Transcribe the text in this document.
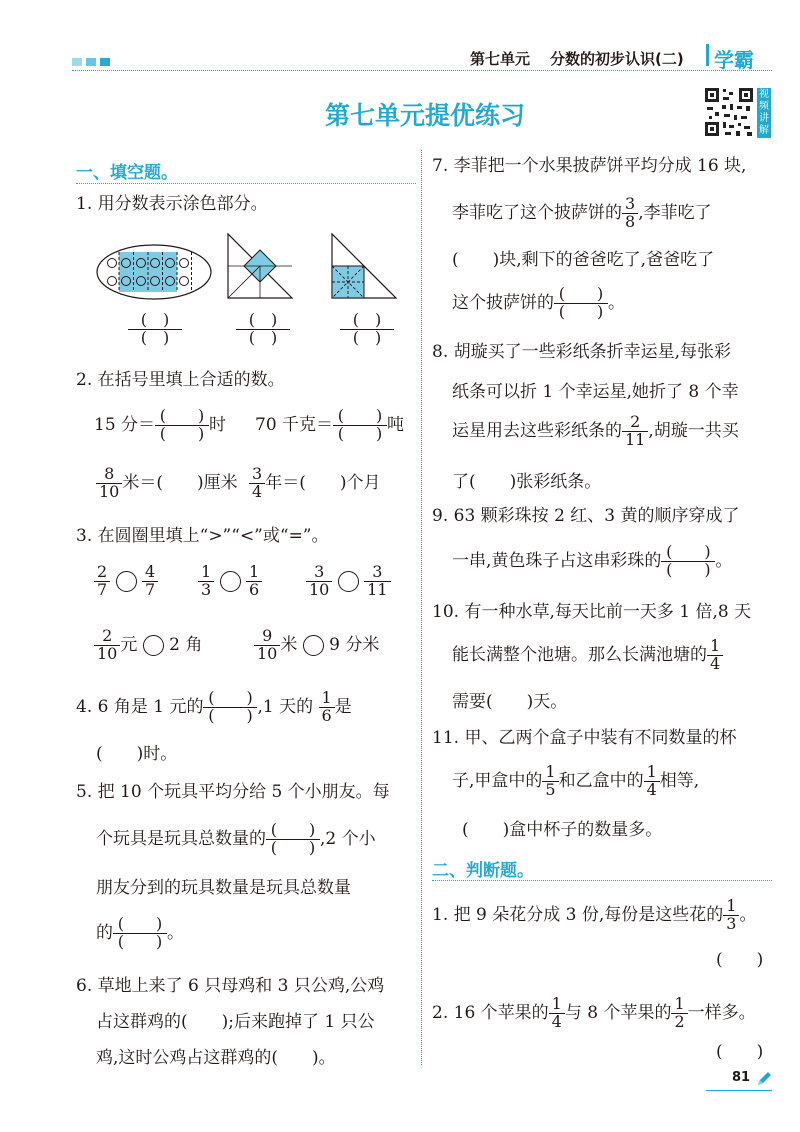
第七单元 分数的初步认识(二) 学霸
第七单元提优练习
视
频
讲
解
一、填空题。
1. 用分数表示涂色部分。
(　)
(　)
(　)
(　)
(　)
(　)
2. 在括号里填上合适的数。
15 分＝ $\frac{( )}{( )}$ 时 70 千克＝ $\frac{( )}{( )}$ 吨
$\frac{8}{10}$ 米＝(　　)厘米 $\frac{3}{4}$ 年＝(　　)个月
3. 在圆圈里填上“>”“<”或“=”。
$\frac{2}{7}$
$\frac{4}{7} \frac{1}{3}$
$\frac{1}{6}$	$\frac{3}{10}$
$\frac{3}{11}$
$\frac{2}{10}$ 元 2 角	$\frac{9}{10}$ 米 9 分米
4. 6 角是 1 元的 $\frac{( )}{( )} ,1$ 天的 $\frac{1}{6}$ 是
(　　)时。
5. 把 10 个玩具平均分给 5 个小朋友。每
个玩具是玩具总数量的 $\frac{( )}{( )} ,2$ 个小
朋友分到的玩具数量是玩具总数量
的 $\frac{( )}{( )}$ 。
6. 草地上来了 6 只母鸡和 3 只公鸡,公鸡
占这群鸡的(　　);后来跑掉了 1 只公
鸡,这时公鸡占这群鸡的(　　)。
7. 李菲把一个水果披萨饼平均分成 16 块,
李菲吃了这个披萨饼的 $\frac{3}{8}$ ,李菲吃了
(　　)块,剩下的爸爸吃了,爸爸吃了
这个披萨饼的 $\frac{( )}{( )}$ 。
8. 胡璇买了一些彩纸条折幸运星,每张彩
纸条可以折 1 个幸运星,她折了 8 个幸
运星用去这些彩纸条的 $\frac{2}{11}$ ,胡璇一共买
了(　　)张彩纸条。
9. 63 颗彩珠按 2 红、3 黄的顺序穿成了
一串,黄色珠子占这串彩珠的 $\frac{( )}{( )}$ 。
10. 有一种水草,每天比前一天多 1 倍,8 天
能长满整个池塘。那么长满池塘的 $\frac{1}{4}$
需要(　　)天。
11. 甲、乙两个盒子中装有不同数量的杯
子,甲盒中的 $\frac{1}{5}$ 和乙盒中的 $\frac{1}{4}$ 相等,
(　　)盒中杯子的数量多。
二、判断题。
1. 把 9 朵花分成 3 份,每份是这些花的 $\frac{1}{3}$ 。
(　　)
2. 16 个苹果的 $\frac{1}{4}$ 与 8 个苹果的 $\frac{1}{2}$ 一样多。
(　　)
81
